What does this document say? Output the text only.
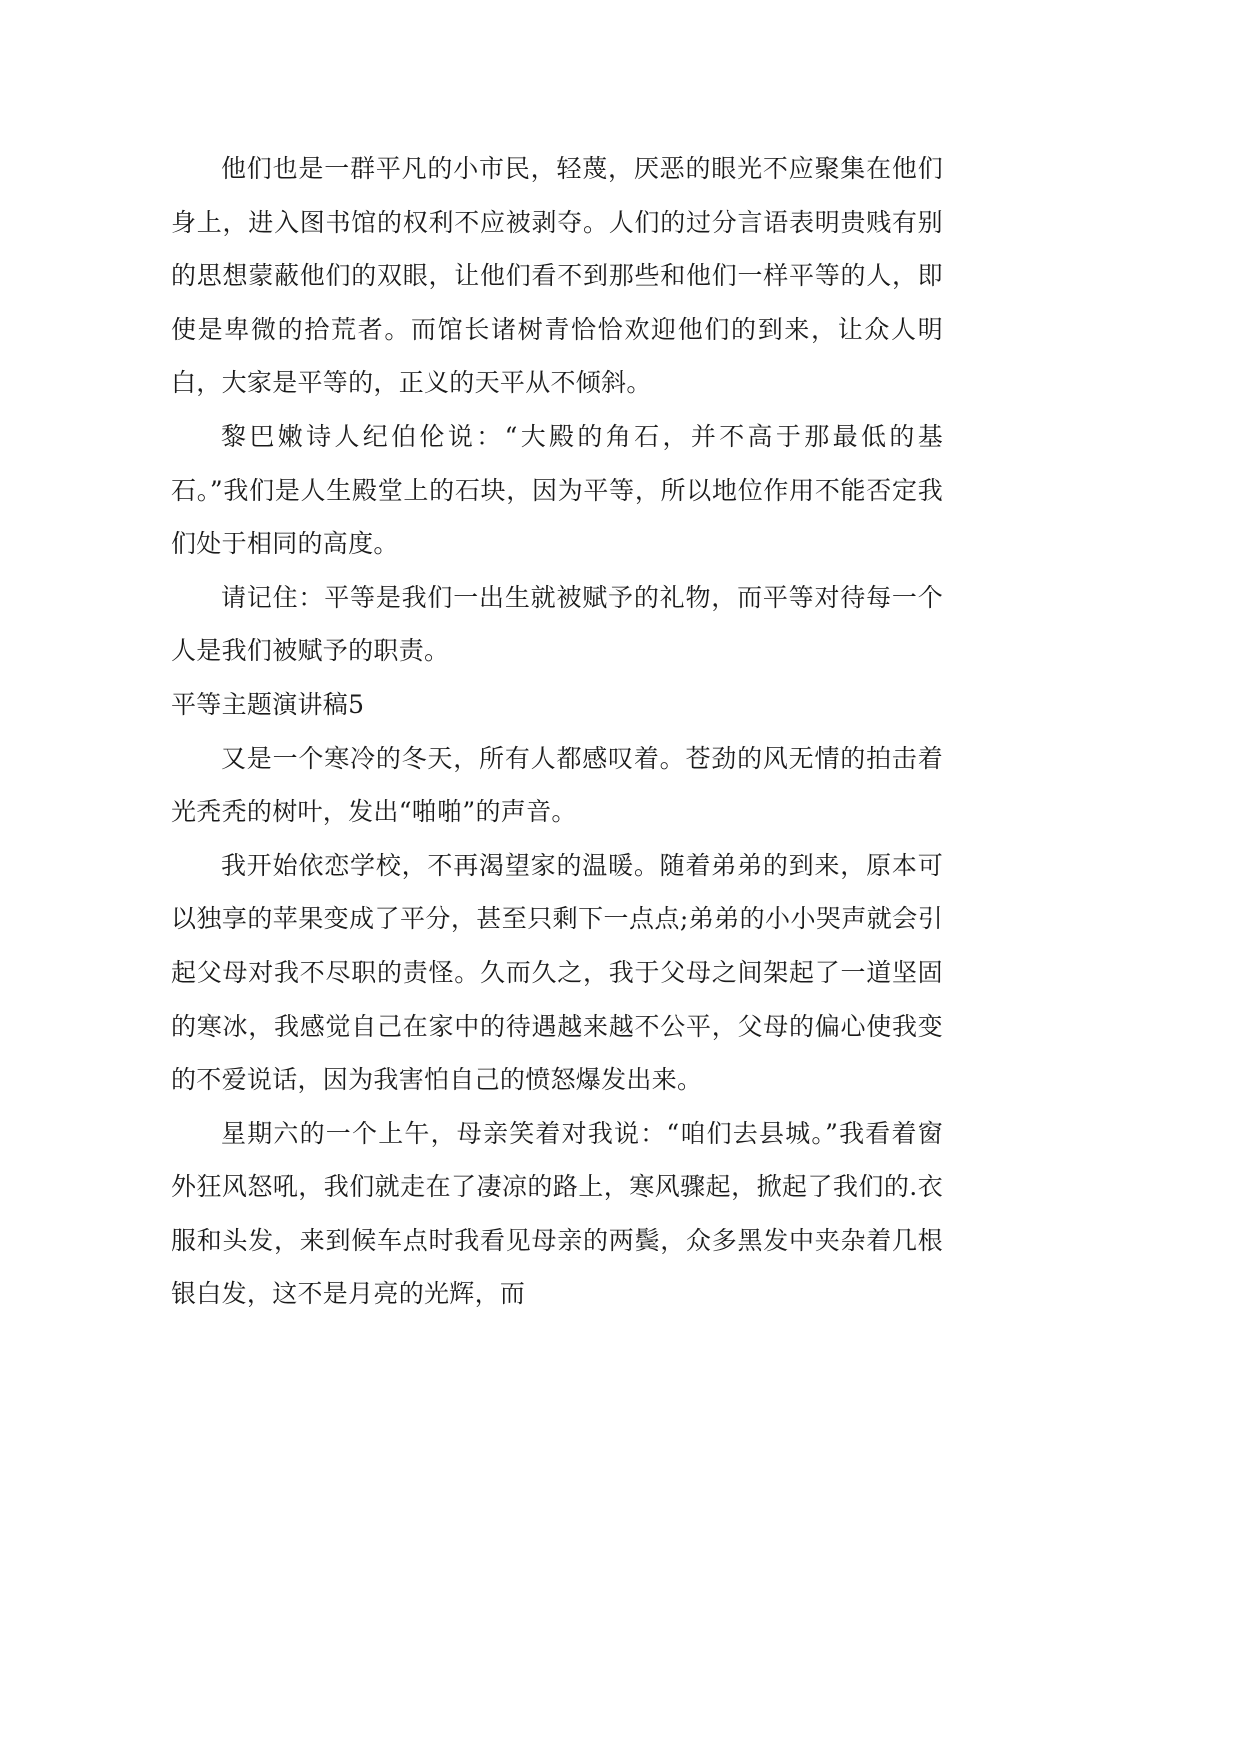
他们也是一群平凡的小市民，轻蔑，厌恶的眼光不应聚集在他们身上，进入图书馆的权利不应被剥夺。人们的过分言语表明贵贱有别的思想蒙蔽他们的双眼，让他们看不到那些和他们一样平等的人，即使是卑微的拾荒者。而馆长诸树青恰恰欢迎他们的到来，让众人明白，大家是平等的，正义的天平从不倾斜。

黎巴嫩诗人纪伯伦说：“大殿的角石，并不高于那最低的基石。”我们是人生殿堂上的石块，因为平等，所以地位作用不能否定我们处于相同的高度。

请记住：平等是我们一出生就被赋予的礼物，而平等对待每一个人是我们被赋予的职责。

平等主题演讲稿5

又是一个寒冷的冬天，所有人都感叹着。苍劲的风无情的拍击着光秃秃的树叶，发出“啪啪”的声音。

我开始依恋学校，不再渴望家的温暖。随着弟弟的到来，原本可以独享的苹果变成了平分，甚至只剩下一点点;弟弟的小小哭声就会引起父母对我不尽职的责怪。久而久之，我于父母之间架起了一道坚固的寒冰，我感觉自己在家中的待遇越来越不公平，父母的偏心使我变的不爱说话，因为我害怕自己的愤怒爆发出来。

星期六的一个上午，母亲笑着对我说：“咱们去县城。”我看着窗外狂风怒吼，我们就走在了凄凉的路上，寒风骤起，掀起了我们的.衣服和头发，来到候车点时我看见母亲的两鬓，众多黑发中夹杂着几根银白发，这不是月亮的光辉，而
